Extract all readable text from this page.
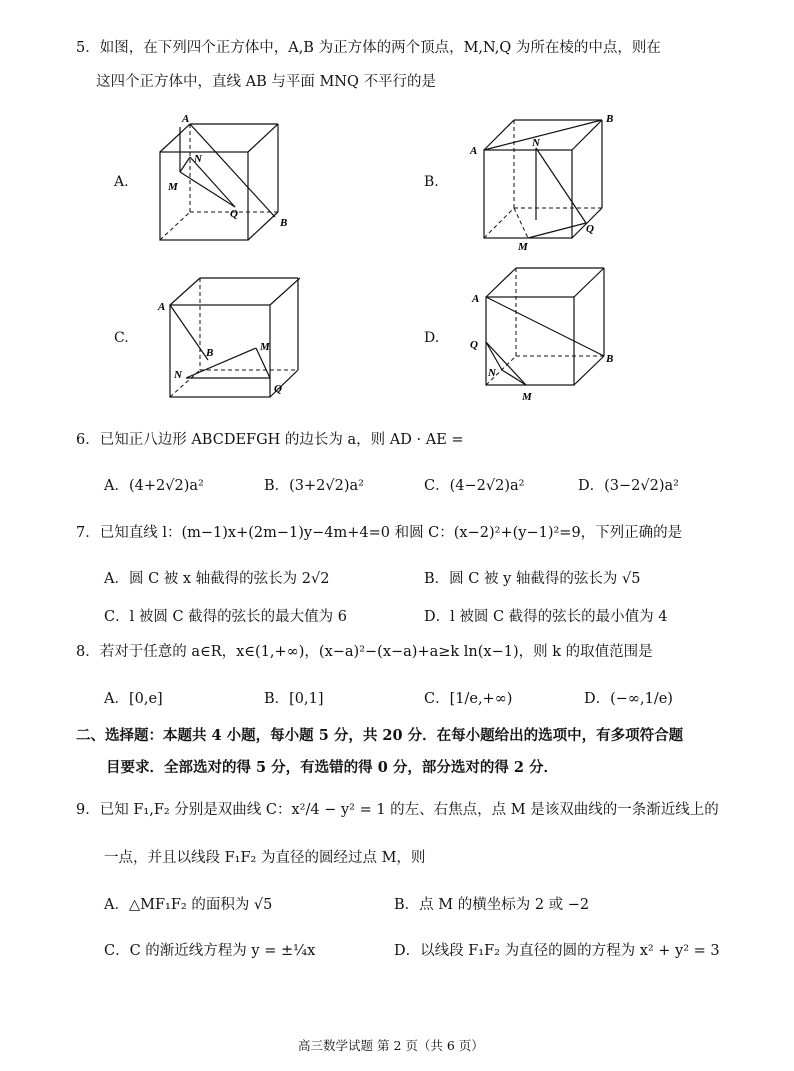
5．如图，在下列四个正方体中，A,B 为正方体的两个顶点，M,N,Q 为所在棱的中点，则在
这四个正方体中，直线 AB 与平面 MNQ 不平行的是
A.
A
N
M
Q
B
B.
A
B
N
M
Q
C.
A
B	M
N
Q
D.
A
B
Q
N
M
6．已知正八边形 ABCDEFGH 的边长为 a，则 AD · AE =
A．(4+2√2)a²	B．(3+2√2)a²	C．(4−2√2)a²	D．(3−2√2)a²
7．已知直线 l：(m−1)x+(2m−1)y−4m+4=0 和圆 C：(x−2)²+(y−1)²=9，下列正确的是
A．圆 C 被 x 轴截得的弦长为 2√2	B．圆 C 被 y 轴截得的弦长为 √5
C．l 被圆 C 截得的弦长的最大值为 6	D．l 被圆 C 截得的弦长的最小值为 4
8．若对于任意的 a∈R，x∈(1,+∞)，(x−a)²−(x−a)+a≥k ln(x−1)，则 k 的取值范围是
A．[0,e]	B．[0,1]	C．[1/e,+∞)	D．(−∞,1/e)
二、选择题：本题共 4 小题，每小题 5 分，共 20 分．在每小题给出的选项中，有多项符合题
目要求．全部选对的得 5 分，有选错的得 0 分，部分选对的得 2 分．
9．已知 F₁,F₂ 分别是双曲线 C：x²/4 − y² = 1 的左、右焦点，点 M 是该双曲线的一条渐近线上的
一点，并且以线段 F₁F₂ 为直径的圆经过点 M，则
A．△MF₁F₂ 的面积为 √5	B．点 M 的横坐标为 2 或 −2
C．C 的渐近线方程为 y = ±¼x	D．以线段 F₁F₂ 为直径的圆的方程为 x² + y² = 3
高三数学试题 第 2 页（共 6 页）
